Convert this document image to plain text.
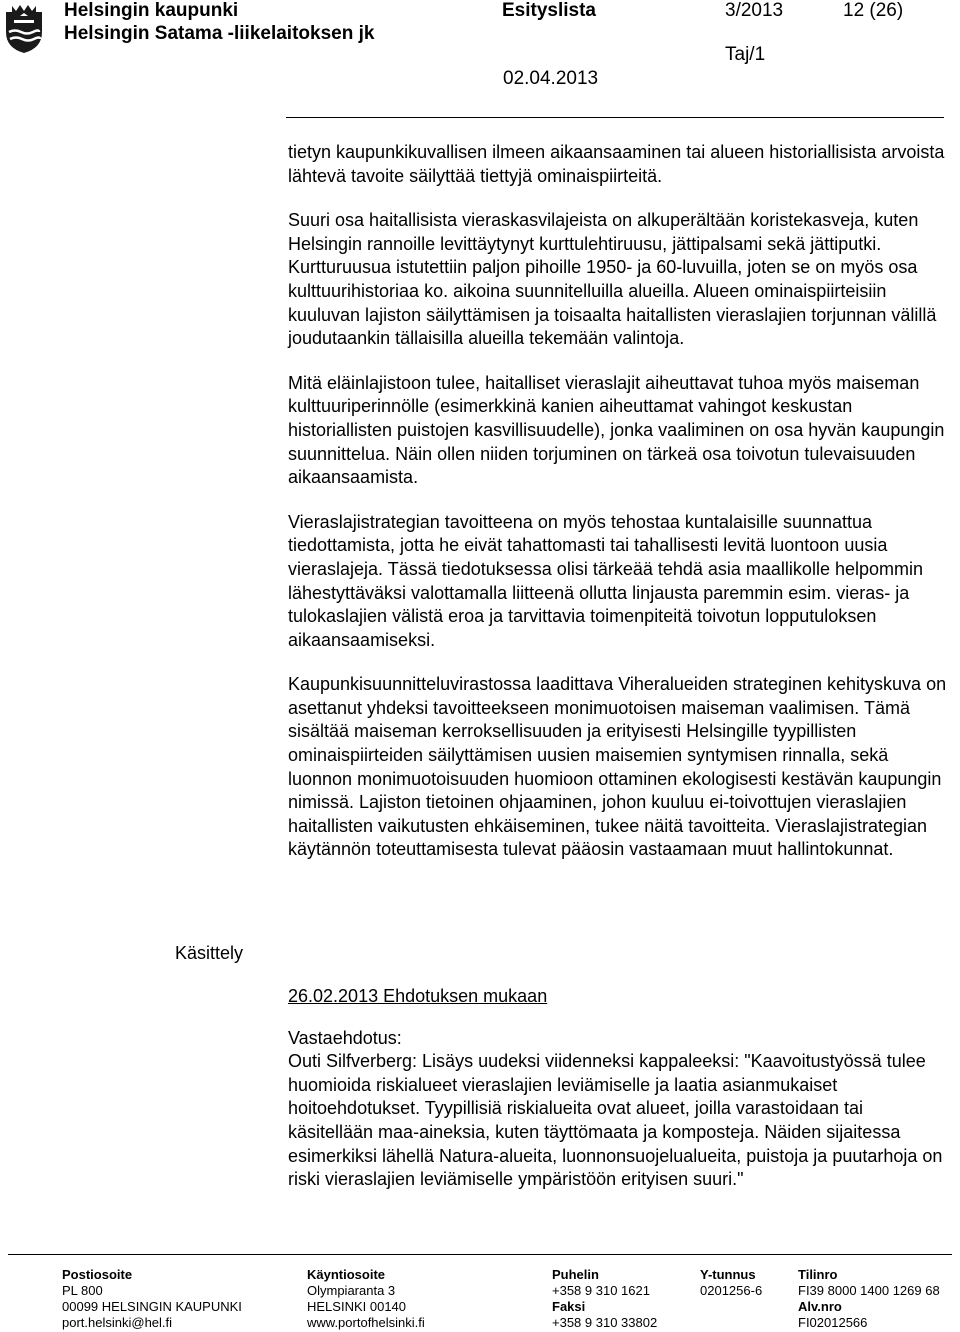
Helsingin kaupunki
Helsingin Satama -liikelaitoksen jk
Esityslista	3/2013	12 (26)
Taj/1
02.04.2013

tietyn kaupunkikuvallisen ilmeen aikaansaaminen tai alueen historiallisista arvoista lähtevä tavoite säilyttää tiettyjä ominaispiirteitä.

Suuri osa haitallisista vieraskasvilajeista on alkuperältään koristekasveja, kuten Helsingin rannoille levittäytynyt kurttulehtiruusu, jättipalsami sekä jättiputki. Kurtturuusua istutettiin paljon pihoille 1950- ja 60-luvuilla, joten se on myös osa kulttuurihistoriaa ko. aikoina suunnitelluilla alueilla. Alueen ominaispiirteisiin kuuluvan lajiston säilyttämisen ja toisaalta haitallisten vieraslajien torjunnan välillä joudutaankin tällaisilla alueilla tekemään valintoja.

Mitä eläinlajistoon tulee, haitalliset vieraslajit aiheuttavat tuhoa myös maiseman kulttuuriperinnölle (esimerkkinä kanien aiheuttamat vahingot keskustan historiallisten puistojen kasvillisuudelle), jonka vaaliminen on osa hyvän kaupungin suunnittelua. Näin ollen niiden torjuminen on tärkeä osa toivotun tulevaisuuden aikaansaamista.

Vieraslajistrategian tavoitteena on myös tehostaa kuntalaisille suunnattua tiedottamista, jotta he eivät tahattomasti tai tahallisesti levitä luontoon uusia vieraslajeja. Tässä tiedotuksessa olisi tärkeää tehdä asia maallikolle helpommin lähestyttäväksi valottamalla liitteenä ollutta linjausta paremmin esim. vieras- ja tulokaslajien välistä eroa ja tarvittavia toimenpiteitä toivotun lopputuloksen aikaansaamiseksi.

Kaupunkisuunnitteluvirastossa laadittava Viheralueiden strateginen kehityskuva on asettanut yhdeksi tavoitteekseen monimuotoisen maiseman vaalimisen. Tämä sisältää maiseman kerroksellisuuden ja erityisesti Helsingille tyypillisten ominaispiirteiden säilyttämisen uusien maisemien syntymisen rinnalla, sekä luonnon monimuotoisuuden huomioon ottaminen ekologisesti kestävän kaupungin nimissä. Lajiston tietoinen ohjaaminen, johon kuuluu ei-toivottujen vieraslajien haitallisten vaikutusten ehkäiseminen, tukee näitä tavoitteita. Vieraslajistrategian käytännön toteuttamisesta tulevat pääosin vastaamaan muut hallintokunnat.

Käsittely

26.02.2013 Ehdotuksen mukaan

Vastaehdotus:
Outi Silfverberg: Lisäys uudeksi viidenneksi kappaleeksi: "Kaavoitustyössä tulee huomioida riskialueet vieraslajien leviämiselle ja laatia asianmukaiset hoitoehdotukset. Tyypillisiä riskialueita ovat alueet, joilla varastoidaan tai käsitellään maa-aineksia, kuten täyttömaata ja komposteja. Näiden sijaitessa esimerkiksi lähellä Natura-alueita, luonnonsuojelualueita, puistoja ja puutarhoja on riski vieraslajien leviämiselle ympäristöön erityisen suuri."
Postiosoite
PL 800
00099 HELSINGIN KAUPUNKI
port.helsinki@hel.fi
Käyntiosoite
Olympiaranta 3
HELSINKI 00140
www.portofhelsinki.fi
Puhelin
+358 9 310 1621
Faksi
+358 9 310 33802
Y-tunnus
0201256-6
Tilinro
FI39 8000 1400 1269 68
Alv.nro
FI02012566
